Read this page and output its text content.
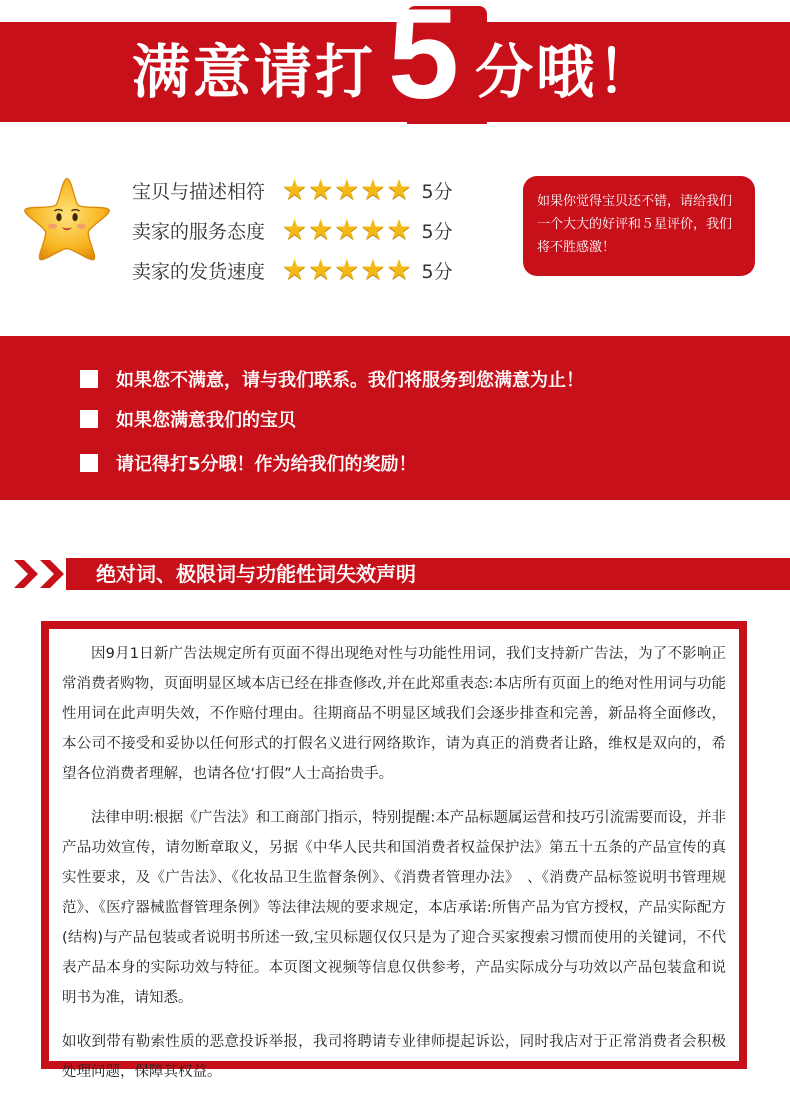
满意请打 5 分哦！
宝贝与描述相符 ★ ★ ★ ★ ★ 5分
卖家的服务态度 ★ ★ ★ ★ ★ 5分
卖家的发货速度 ★ ★ ★ ★ ★ 5分
如果你觉得宝贝还不错，请给我们一个大大的好评和５星评价，我们将不胜感激！
如果您不满意，请与我们联系。我们将服务到您满意为止！
如果您满意我们的宝贝
请记得打5分哦！作为给我们的奖励！
绝对词、极限词与功能性词失效声明

因9月1日新广告法规定所有页面不得出现绝对性与功能性用词，我们支持新广告法，为了不影响正常消费者购物，页面明显区域本店已经在排查修改,并在此郑重表态:本店所有页面上的绝对性用词与功能性用词在此声明失效，不作赔付理由。往期商品不明显区域我们会逐步排查和完善，新品将全面修改，本公司不接受和妥协以任何形式的打假名义进行网络欺诈，请为真正的消费者让路，维权是双向的，希望各位消费者理解，也请各位‘打假”人士高抬贵手。

法律申明:根据《广告法》和工商部门指示，特别提醒:本产品标题属运营和技巧引流需要而设，并非产品功效宣传，请勿断章取义，另据《中华人民共和国消费者权益保护法》第五十五条的产品宣传的真实性要求，及《广告法》、《化妆品卫生监督条例》、《消费者管理办法》　、《消费产品标签说明书管理规范》、《医疗器械监督管理条例》等法律法规的要求规定，本店承诺:所售产品为官方授权，产品实际配方(结构)与产品包装或者说明书所述一致,宝贝标题仅仅只是为了迎合买家搜索习惯而使用的关键词，不代表产品本身的实际功效与特征。本页图文视频等信息仅供参考，产品实际成分与功效以产品包装盒和说明书为准，请知悉。

如收到带有勒索性质的恶意投诉举报，我司将聘请专业律师提起诉讼，同时我店对于正常消费者会积极处理问题，保障其权益。
